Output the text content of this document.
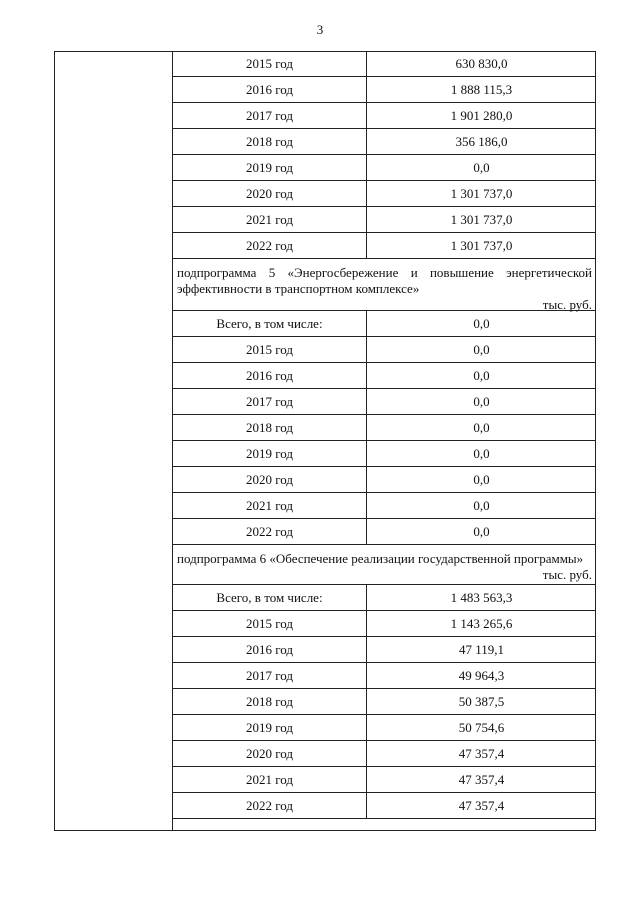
3
2015 год	630 830,0
2016 год	1 888 115,3
2017 год	1 901 280,0
2018 год	356 186,0
2019 год	0,0
2020 год	1 301 737,0
2021 год	1 301 737,0
2022 год	1 301 737,0
подпрограмма 5 «Энергосбережение и повышение энергетической эффективности в транспортном комплексе»
тыс. руб.
Всего, в том числе:	0,0
2015 год	0,0
2016 год	0,0
2017 год	0,0
2018 год	0,0
2019 год	0,0
2020 год	0,0
2021 год	0,0
2022 год	0,0
подпрограмма 6 «Обеспечение реализации государственной программы»
тыс. руб.
Всего, в том числе:	1 483 563,3
2015 год	1 143 265,6
2016 год	47 119,1
2017 год	49 964,3
2018 год	50 387,5
2019 год	50 754,6
2020 год	47 357,4
2021 год	47 357,4
2022 год	47 357,4
